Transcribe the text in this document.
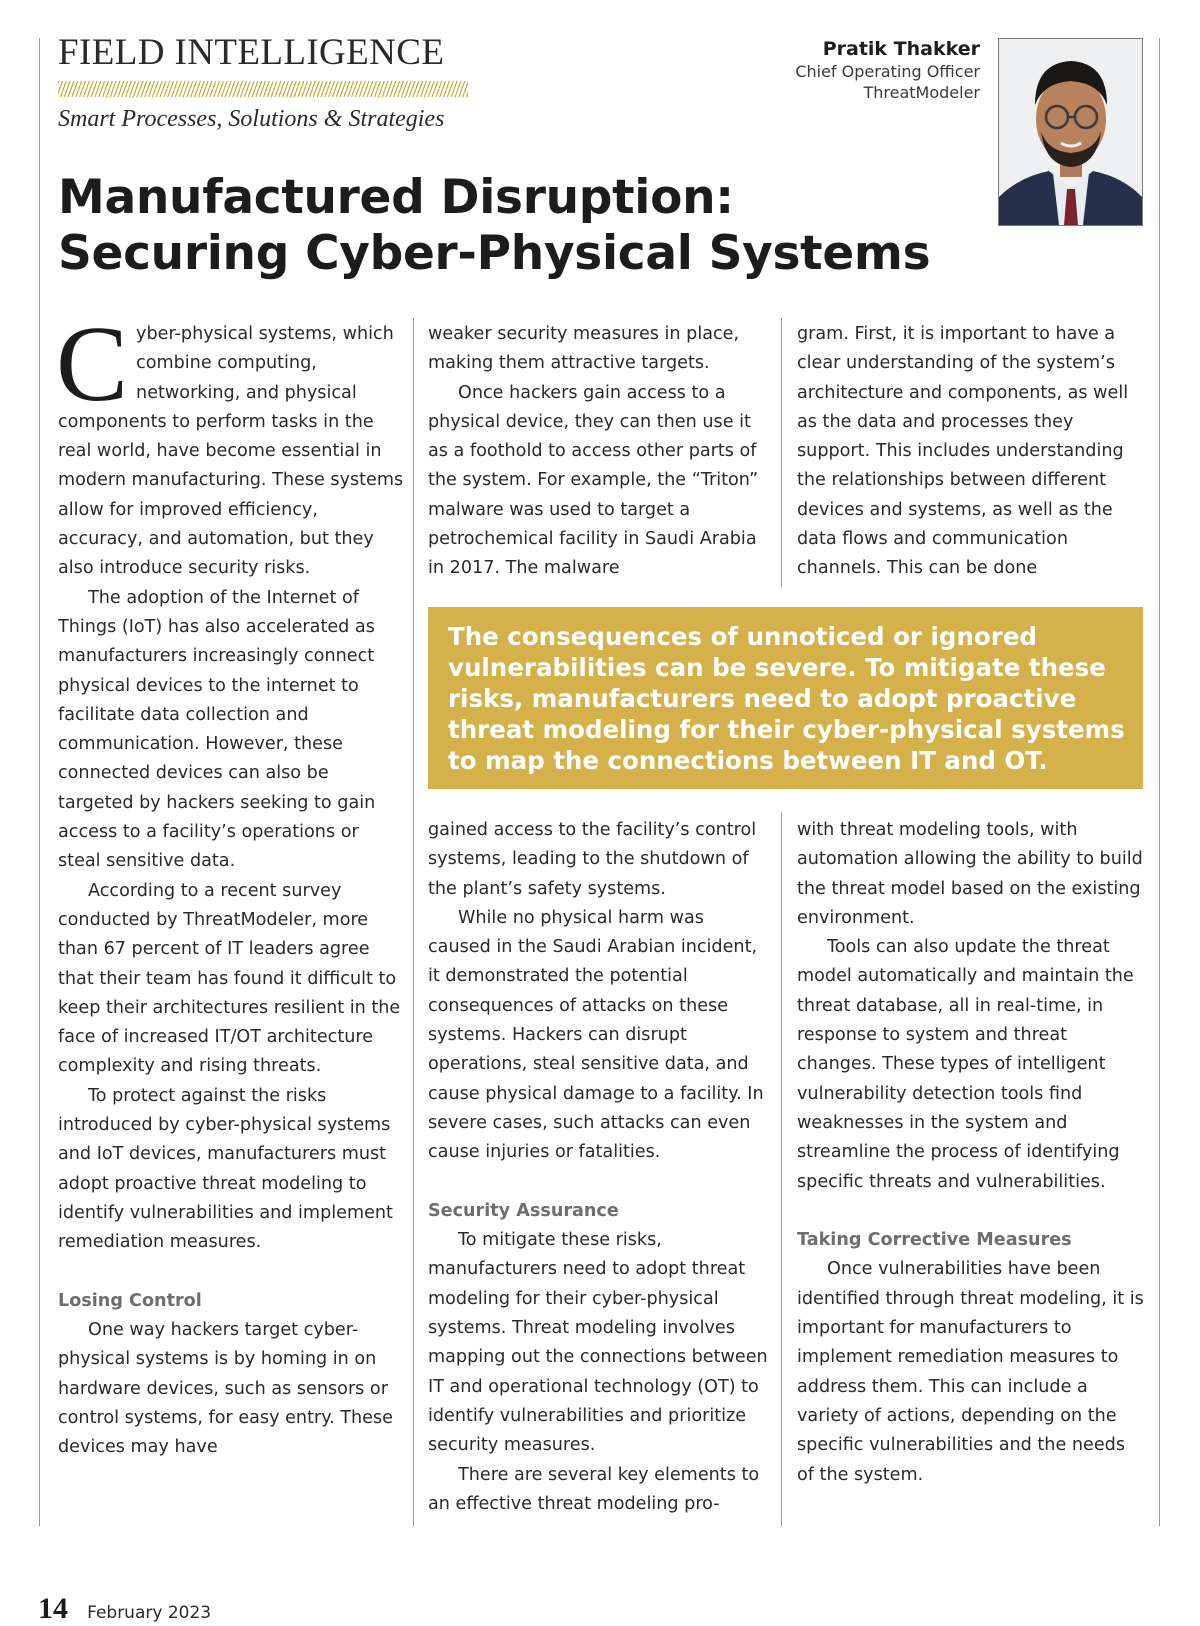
FIELD INTELLIGENCE
Smart Processes, Solutions & Strategies
Pratik Thakker
Chief Operating Officer
ThreatModeler
Manufactured Disruption:
Securing Cyber-Physical Systems

Cyber-physical systems, which combine computing, networking, and physical components to perform tasks in the real world, have become essential in modern manufacturing. These systems allow for improved efficiency, accuracy, and automation, but they also introduce security risks.

The adoption of the Internet of Things (IoT) has also accelerated as manufacturers increasingly connect physical devices to the internet to facilitate data collection and communication. However, these connected devices can also be targeted by hackers seeking to gain access to a facility’s operations or steal sensitive data.

According to a recent survey conducted by ThreatModeler, more than 67 percent of IT leaders agree that their team has found it difficult to keep their architectures resilient in the face of increased IT/OT architecture complexity and rising threats.

To protect against the risks introduced by cyber-physical systems and IoT devices, manufacturers must adopt proactive threat modeling to identify vulnerabilities and implement remediation measures.

Losing Control

One way hackers target cyber-physical systems is by homing in on hardware devices, such as sensors or control systems, for easy entry. These devices may have

weaker security measures in place, making them attractive targets.

Once hackers gain access to a physical device, they can then use it as a foothold to access other parts of the system. For example, the “Triton” malware was used to target a petrochemical facility in Saudi Arabia in 2017. The malware

gram. First, it is important to have a clear understanding of the system’s architecture and components, as well as the data and processes they support. This includes understanding the relationships between different devices and systems, as well as the data flows and communication channels. This can be done

The consequences of unnoticed or ignored vulnerabilities can be severe. To mitigate these risks, manufacturers need to adopt proactive threat modeling for their cyber-physical systems to map the connections between IT and OT.

gained access to the facility’s control systems, leading to the shutdown of the plant’s safety systems.

While no physical harm was caused in the Saudi Arabian incident, it demonstrated the potential consequences of attacks on these systems. Hackers can disrupt operations, steal sensitive data, and cause physical damage to a facility. In severe cases, such attacks can even cause injuries or fatalities.

Security Assurance

To mitigate these risks, manufacturers need to adopt threat modeling for their cyber-physical systems. Threat modeling involves mapping out the connections between IT and operational technology (OT) to identify vulnerabilities and prioritize security measures.

There are several key elements to an effective threat modeling pro-

with threat modeling tools, with automation allowing the ability to build the threat model based on the existing environment.

Tools can also update the threat model automatically and maintain the threat database, all in real-time, in response to system and threat changes. These types of intelligent vulnerability detection tools find weaknesses in the system and streamline the process of identifying specific threats and vulnerabilities.

Taking Corrective Measures

Once vulnerabilities have been identified through threat modeling, it is important for manufacturers to implement remediation measures to address them. This can include a variety of actions, depending on the specific vulnerabilities and the needs of the system.

14 February 2023
